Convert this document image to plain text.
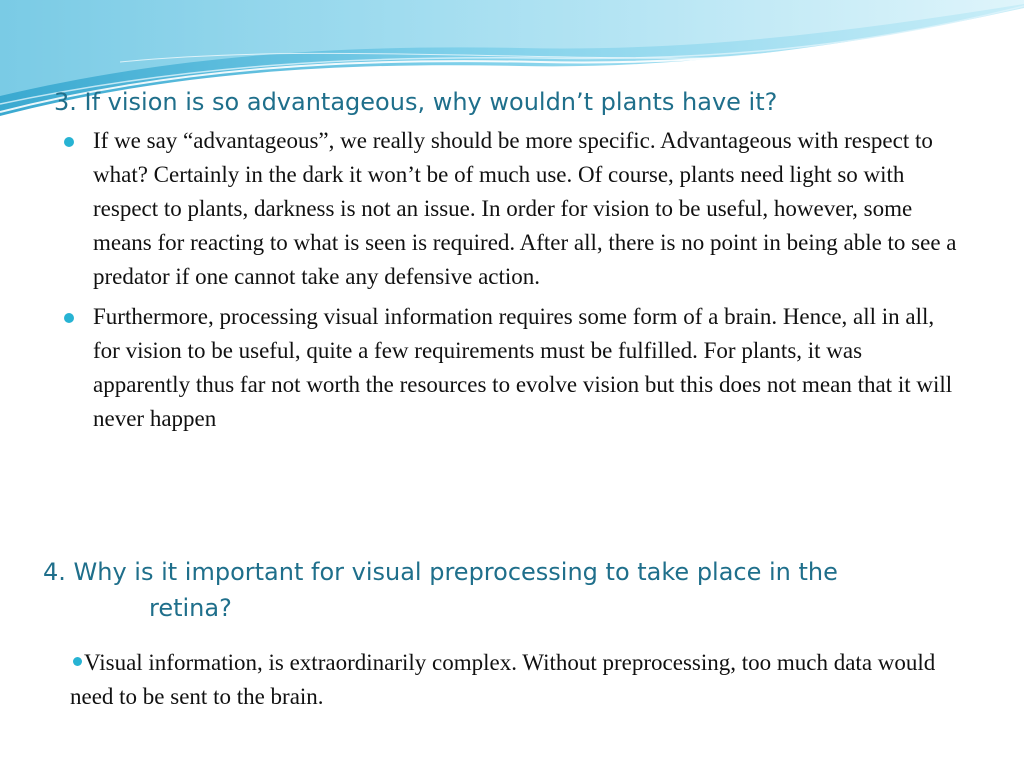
3. If vision is so advantageous, why wouldn’t plants have it?
If we say “advantageous”, we really should be more specific. Advantageous with respect to what? Certainly in the dark it won’t be of much use. Of course, plants need light so with respect to plants, darkness is not an issue. In order for vision to be useful, however, some means for reacting to what is seen is required. After all, there is no point in being able to see a predator if one cannot take any defensive action.
Furthermore, processing visual information requires some form of a brain. Hence, all in all, for vision to be useful, quite a few requirements must be fulfilled. For plants, it was apparently thus far not worth the resources to evolve vision but this does not mean that it will never happen
4. Why is it important for visual preprocessing to take place in the
retina?

Visual information, is extraordinarily complex. Without preprocessing, too much data would need to be sent to the brain.
